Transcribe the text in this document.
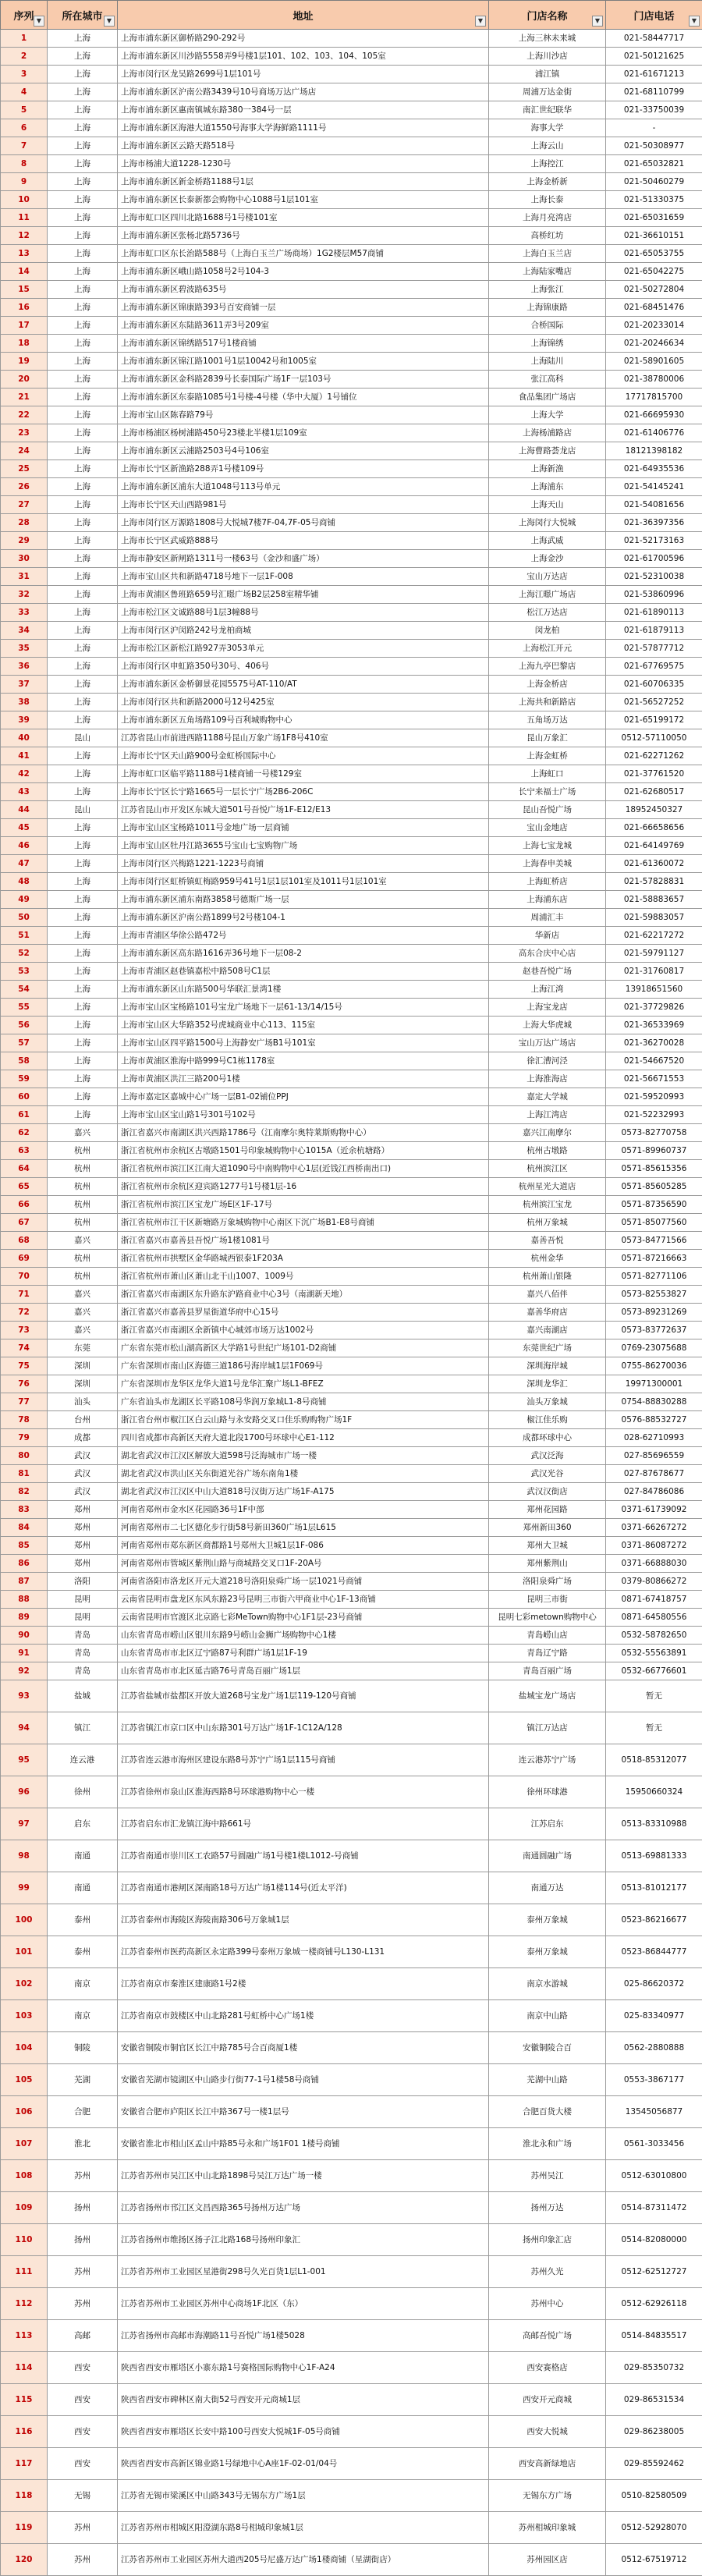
序列 ▼	所在城市 ▼	地址 ▼	门店名称 ▼	门店电话 ▼

1	上海	上海市浦东新区御桥路290-292号	上海三林未来城	021-58447717
2	上海	上海市浦东新区川沙路5558弄9号楼1层101、102、103、104、105室	上海川沙店	021-50121625
3	上海	上海市闵行区龙吴路2699号1层101号	浦江镇	021-61671213
4	上海	上海市浦东新区沪南公路3439号10号商场万达广场店	周浦万达金街	021-68110799
5	上海	上海市浦东新区惠南镇城东路380一384号一层	南汇世纪联华	021-33750039
6	上海	上海市浦东新区海港大道1550号海事大学海鲜路1111号	海事大学	-
7	上海	上海市浦东新区云路天路518号	上海云山	021-50308977
8	上海	上海市杨浦大道1228-1230号	上海控江	021-65032821
9	上海	上海市浦东新区新金桥路1188号1层	上海金桥新	021-50460279
10	上海	上海市浦东新区长泰新都会购物中心1088号1层101室	上海长泰	021-51330375
11	上海	上海市虹口区四川北路1688号1号楼101室	上海月亮湾店	021-65031659
12	上海	上海市浦东新区张杨北路5736号	高桥红坊	021-36610151
13	上海	上海市虹口区东长治路588号（上海白玉兰广场商场）1G2楼层M57商铺	上海白玉兰店	021-65053755
14	上海	上海市浦东新区峨山路1058号2号104-3	上海陆家嘴店	021-65042275
15	上海	上海市浦东新区碧波路635号	上海张江	021-50272804
16	上海	上海市浦东新区锦康路393号百安商铺一层	上海锦康路	021-68451476
17	上海	上海市浦东新区东陆路3611弄3号209室	合桥国际	021-20233014
18	上海	上海市浦东新区锦绣路517号1楼商铺	上海锦绣	021-20246634
19	上海	上海市浦东新区锦江路1001号1层10042号和1005室	上海陆川	021-58901605
20	上海	上海市浦东新区金科路2839号长泰国际广场1F一层103号	张江高科	021-38780006
21	上海	上海市浦东新区东泰路1085号1号楼-4号楼（华中大厦）1号铺位	食品集团广场店	17717815700
22	上海	上海市宝山区陈春路79号	上海大学	021-66695930
23	上海	上海市杨浦区杨树浦路450号23楼北半楼1层109室	上海杨浦路店	021-61406776
24	上海	上海市浦东新区云浦路2503号4号106室	上海曹路荟龙店	18121398182
25	上海	上海市长宁区新渔路288弄1号楼109号	上海新渔	021-64935536
26	上海	上海市浦东新区浦东大道1048号113号单元	上海浦东	021-54145241
27	上海	上海市长宁区天山西路981号	上海天山	021-54081656
28	上海	上海市闵行区万源路1808号大悦城7楼7F-04,7F-05号商铺	上海闵行大悦城	021-36397356
29	上海	上海市长宁区武威路888号	上海武威	021-52173163
30	上海	上海市静安区新闸路1311号一楼63号（金沙和盛广场）	上海金沙	021-61700596
31	上海	上海市宝山区共和新路4718号地下一层1F-008	宝山万达店	021-52310038
32	上海	上海市黄浦区鲁班路659号汇暻广场B2层258室精华铺	上海江暻广场店	021-53860996
33	上海	上海市松江区文诚路88号1层3幢88号	松江万达店	021-61890113
34	上海	上海市闵行区沪闵路242号龙柏商城	闵龙柏	021-61879113
35	上海	上海市松江区新松江路927弄3053单元	上海松江开元	021-57877712
36	上海	上海市闵行区申虹路350号30号、406号	上海九亭巴黎店	021-67769575
37	上海	上海市浦东新区金桥御景花园5575号AT-110/AT	上海金桥店	021-60706335
38	上海	上海市闵行区共和新路2000号12号425室	上海共和新路店	021-56527252
39	上海	上海市浦东新区五角场路109号百利城购物中心	五角场万达	021-65199172
40	昆山	江苏省昆山市前进西路1188号昆山万象广场1F8号410室	昆山万象汇	0512-57110050
41	上海	上海市长宁区天山路900号金虹桥国际中心	上海金虹桥	021-62271262
42	上海	上海市虹口区临平路1188号1楼商铺一号楼129室	上海虹口	021-37761520
43	上海	上海市长宁区长宁路1665号一层长宁广场2B6-206C	长宁来福士广场	021-62680517
44	昆山	江苏省昆山市开发区东城大道501号吾悦广场1F-E12/E13	昆山吾悦广场	18952450327
45	上海	上海市宝山区宝杨路1011号金地广场一层商铺	宝山金地店	021-66658656
46	上海	上海市宝山区牡丹江路3655号宝山七宝购物广场	上海七宝龙城	021-64149769
47	上海	上海市闵行区兴梅路1221-1223号商铺	上海春申美城	021-61360072
48	上海	上海市闵行区虹桥镇虹梅路959号41号1层1层101室及1011号1层101室	上海虹桥店	021-57828831
49	上海	上海市浦东新区浦东南路3858号德斯广场一层	上海浦东店	021-58883657
50	上海	上海市浦东新区沪南公路1899号2号楼104-1	周浦汇丰	021-59883057
51	上海	上海市青浦区华徐公路472号	华新店	021-62217272
52	上海	上海市浦东新区高东路1616弄36号地下一层08-2	高东合庆中心店	021-59791127
53	上海	上海市青浦区赵巷镇嘉松中路508号C1层	赵巷吾悦广场	021-31760817
54	上海	上海市浦东新区山东路500号华联汇景湾1楼	上海江湾	13918651560
55	上海	上海市宝山区宝杨路101号宝龙广场地下一层61-13/14/15号	上海宝龙店	021-37729826
56	上海	上海市宝山区大华路352号虎城商业中心113、115室	上海大华虎城	021-36533969
57	上海	上海市宝山区四平路1500号上海静安广场B1号101室	宝山万达广场店	021-36270028
58	上海	上海市黄浦区淮海中路999号C1栋1178室	徐汇漕河泾	021-54667520
59	上海	上海市黄浦区洪江三路200号1楼	上海淮海店	021-56671553
60	上海	上海市嘉定区嘉城中心广场一层B1-02铺位PPJ	嘉定大学城	021-59520993
61	上海	上海市宝山区宝山路1号301号102号	上海江湾店	021-52232993
62	嘉兴	浙江省嘉兴市南湖区洪兴西路1786号（江南摩尔奥特莱斯购物中心）	嘉兴江南摩尔	0573-82770758
63	杭州	浙江省杭州市余杭区古墩路1501号印象城购物中心1015A（近余杭塘路）	杭州古墩路	0571-89960737
64	杭州	浙江省杭州市滨江区江南大道1090号中南购物中心1层(近钱江西桥南出口)	杭州滨江区	0571-85615356
65	杭州	浙江省杭州市余杭区迎宾路1277号1号楼1层-16	杭州星光大道店	0571-85605285
66	杭州	浙江省杭州市滨江区宝龙广场E区1F-17号	杭州滨江宝龙	0571-87356590
67	杭州	浙江省杭州市江干区新塘路万象城购物中心南区下沉广场B1-E8号商铺	杭州万象城	0571-85077560
68	嘉兴	浙江省嘉兴市嘉善县吾悦广场1楼1081号	嘉善吾悦	0573-84771566
69	杭州	浙江省杭州市拱墅区金华路城西银泰1F203A	杭州金华	0571-87216663
70	杭州	浙江省杭州市萧山区萧山北干山1007、1009号	杭州萧山银隆	0571-82771106
71	嘉兴	浙江省嘉兴市南湖区东升路东沪路商业中心3号（南湖新天地）	嘉兴八佰伴	0573-82553827
72	嘉兴	浙江省嘉兴市嘉善县罗星街道华府中心15号	嘉善华府店	0573-89231269
73	嘉兴	浙江省嘉兴市南湖区余新镇中心城郊市场万达1002号	嘉兴南湖店	0573-83772637
74	东莞	广东省东莞市松山湖高新区大学路1号世纪广场101-D2商铺	东莞世纪广场	0769-23075688
75	深圳	广东省深圳市南山区海德三道186号海岸城1层1F069号	深圳海岸城	0755-86270036
76	深圳	广东省深圳市龙华区龙华大道1号龙华汇聚广场L1-BFEZ	深圳龙华汇	19971300001
77	汕头	广东省汕头市龙湖区长平路108号华润万象城L1-8号商铺	汕头万象城	0754-88830288
78	台州	浙江省台州市椒江区白云山路与永安路交叉口佳乐购购物广场1F	椒江佳乐购	0576-88532727
79	成都	四川省成都市高新区天府大道北段1700号环球中心E1-112	成都环球中心	028-62710993
80	武汉	湖北省武汉市江汉区解放大道598号泛海城市广场一楼	武汉泛海	027-85696559
81	武汉	湖北省武汉市洪山区关东街道光谷广场东南角1楼	武汉光谷	027-87678677
82	武汉	湖北省武汉市江汉区中山大道818号汉街万达广场1F-A175	武汉汉街店	027-84786086
83	郑州	河南省郑州市金水区花园路36号1F中部	郑州花园路	0371-61739092
84	郑州	河南省郑州市二七区德化步行街58号新田360广场1层L615	郑州新田360	0371-66267272
85	郑州	河南省郑州市郑东新区商都路1号郑州大卫城1层1F-086	郑州大卫城	0371-86087272
86	郑州	河南省郑州市管城区紫荆山路与商城路交叉口1F-20A号	郑州紫荆山	0371-66888030
87	洛阳	河南省洛阳市洛龙区开元大道218号洛阳泉舜广场一层1021号商铺	洛阳泉舜广场	0379-80866272
88	昆明	云南省昆明市盘龙区东风东路23号昆明三市街六甲商业中心1F-13商铺	昆明三市街	0871-67418757
89	昆明	云南省昆明市官渡区北京路七彩MeTown购物中心1F1层-23号商铺	昆明七彩metown购物中心	0871-64580556
90	青岛	山东省青岛市崂山区银川东路9号崂山金狮广场购物中心1楼	青岛崂山店	0532-58782650
91	青岛	山东省青岛市市北区辽宁路87号利群广场1层1F-19	青岛辽宁路	0532-55563891
92	青岛	山东省青岛市市北区延吉路76号青岛百丽广场1层	青岛百丽广场	0532-66776601
93	盐城	江苏省盐城市盐都区开放大道268号宝龙广场1层119-120号商铺	盐城宝龙广场店	暂无
94	镇江	江苏省镇江市京口区中山东路301号万达广场1F-1C12A/128	镇江万达店	暂无
95	连云港	江苏省连云港市海州区建设东路8号苏宁广场1层115号商铺	连云港苏宁广场	0518-85312077
96	徐州	江苏省徐州市泉山区淮海西路8号环球港购物中心一楼	徐州环球港	15950660324
97	启东	江苏省启东市汇龙镇江海中路661号	江苏启东	0513-83310988
98	南通	江苏省南通市崇川区工农路57号圆融广场1号楼1楼L1012-号商铺	南通圆融广场	0513-69881333
99	南通	江苏省南通市港闸区深南路18号万达广场1楼114号(近太平洋)	南通万达	0513-81012177
100	泰州	江苏省泰州市海陵区海陵南路306号万象城1层	泰州万象城	0523-86216677
101	泰州	江苏省泰州市医药高新区永定路399号泰州万象城一楼商铺号L130-L131	泰州万象城	0523-86844777
102	南京	江苏省南京市秦淮区建康路1号2楼	南京水游城	025-86620372
103	南京	江苏省南京市鼓楼区中山北路281号虹桥中心广场1楼	南京中山路	025-83340977
104	铜陵	安徽省铜陵市铜官区长江中路785号合百商厦1楼	安徽铜陵合百	0562-2880888
105	芜湖	安徽省芜湖市镜湖区中山路步行街77-1号1楼58号商铺	芜湖中山路	0553-3867177
106	合肥	安徽省合肥市庐阳区长江中路367号一楼1层号	合肥百货大楼	13545056877
107	淮北	安徽省淮北市相山区孟山中路85号永和广场1F01 1楼号商铺	淮北永和广场	0561-3033456
108	苏州	江苏省苏州市吴江区中山北路1898号吴江万达广场一楼	苏州吴江	0512-63010800
109	扬州	江苏省扬州市邗江区文昌西路365号扬州万达广场	扬州万达	0514-87311472
110	扬州	江苏省扬州市维扬区扬子江北路168号扬州印象汇	扬州印象汇店	0514-82080000
111	苏州	江苏省苏州市工业园区星港街298号久光百货1层L1-001	苏州久光	0512-62512727
112	苏州	江苏省苏州市工业园区苏州中心商场1F北区（东）	苏州中心	0512-62926118
113	高邮	江苏省扬州市高邮市海潮路11号吾悦广场1楼5028	高邮吾悦广场	0514-84835517
114	西安	陕西省西安市雁塔区小寨东路1号赛格国际购物中心1F-A24	西安赛格店	029-85350732
115	西安	陕西省西安市碑林区南大街52号西安开元商城1层	西安开元商城	029-86531534
116	西安	陕西省西安市雁塔区长安中路100号西安大悦城1F-05号商铺	西安大悦城	029-86238005
117	西安	陕西省西安市高新区锦业路1号绿地中心A座1F-02-01/04号	西安高新绿地店	029-85592462
118	无锡	江苏省无锡市梁溪区中山路343号无锡东方广场1层	无锡东方广场	0510-82580509
119	苏州	江苏省苏州市相城区阳澄湖东路8号相城印象城1层	苏州相城印象城	0512-52928070
120	苏州	江苏省苏州市工业园区苏州大道西205号尼盛万达广场1楼商铺（星湖街店）	苏州园区店	0512-67519712
